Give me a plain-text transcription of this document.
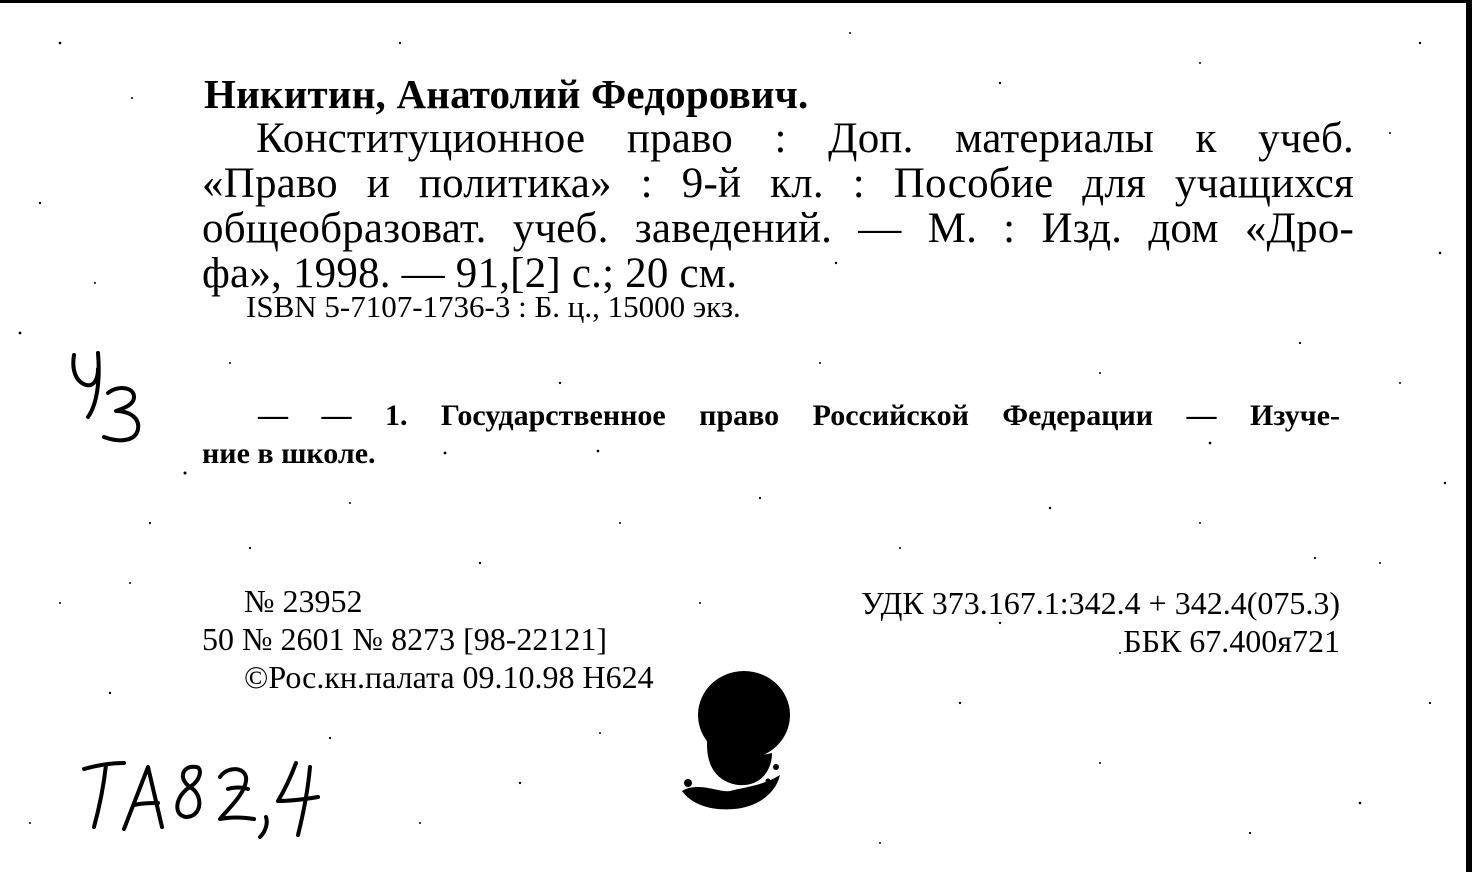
Никитин, Анатолий Федорович.
Конституционное право : Доп. материалы к учеб.
«Право и политика» : 9-й кл. : Пособие для учащихся
общеобразоват. учеб. заведений. — М. : Изд. дом «Дро-
фа», 1998. — 91,[2] с.; 20 см.
ISBN 5-7107-1736-3 : Б. ц., 15000 экз.
— — 1. Государственное право Российской Федерации — Изуче-
ние в школе.
№ 23952
50 № 2601 № 8273 [98-22121]
©Рос.кн.палата 09.10.98 Н624
УДК 373.167.1:342.4 + 342.4(075.3)
ББК 67.400я721
